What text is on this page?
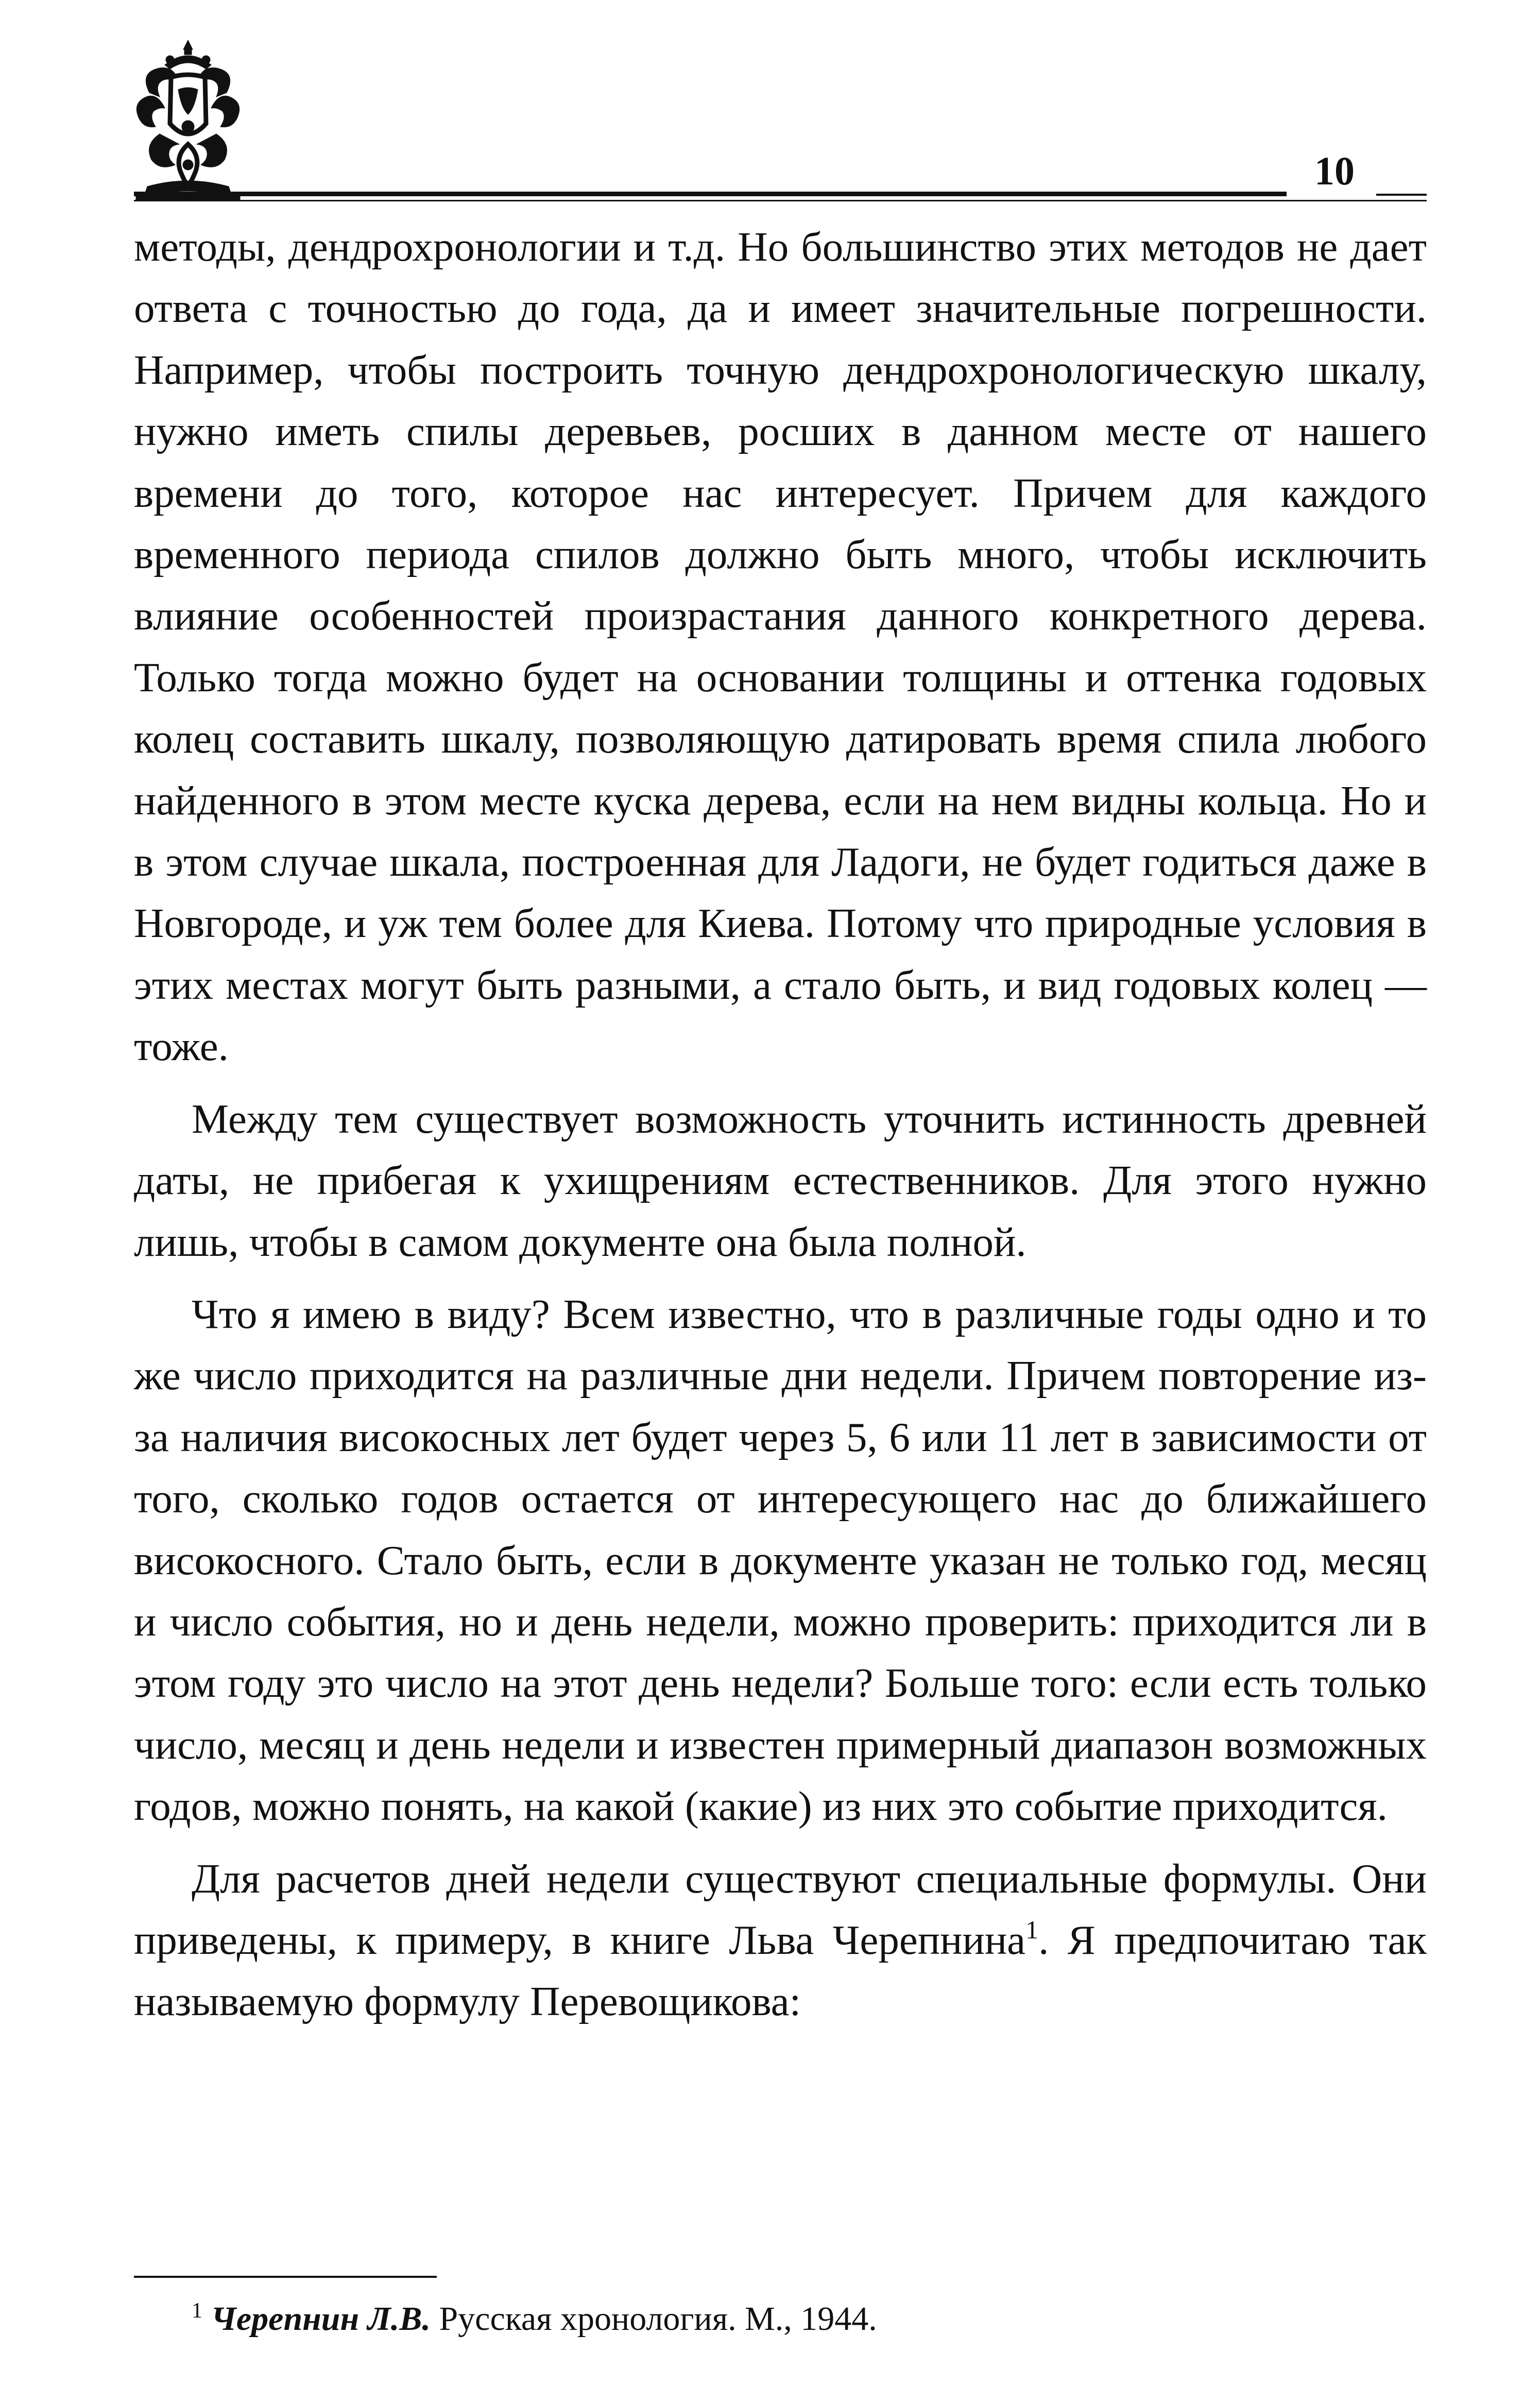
10

методы, дендрохронологии и т.д. Но большинство этих методов не дает ответа с точностью до года, да и имеет значительные погрешности. Например, чтобы построить точную дендрохронологическую шкалу, нужно иметь спилы деревьев, росших в данном месте от нашего времени до того, которое нас интересует. Причем для каждого временного периода спилов должно быть много, чтобы исключить влияние особенностей произрастания данного конкретного дерева. Только тогда можно будет на основании толщины и оттенка годовых колец составить шкалу, позволяющую датировать время спила любого найденного в этом месте куска дерева, если на нем видны кольца. Но и в этом случае шкала, построенная для Ладоги, не будет годиться даже в Новгороде, и уж тем более для Киева. Потому что природные условия в этих местах могут быть разными, а стало быть, и вид годовых колец — тоже.

Между тем существует возможность уточнить истинность древней даты, не прибегая к ухищрениям естественников. Для этого нужно лишь, чтобы в самом документе она была полной.

Что я имею в виду? Всем известно, что в различные годы одно и то же число приходится на различные дни недели. Причем повторение из-за наличия високосных лет будет через 5, 6 или 11 лет в зависимости от того, сколько годов остается от интересующего нас до ближайшего високосного. Стало быть, если в документе указан не только год, месяц и число события, но и день недели, можно проверить: приходится ли в этом году это число на этот день недели? Больше того: если есть только число, месяц и день недели и известен примерный диапазон возможных годов, можно понять, на какой (какие) из них это событие приходится.

Для расчетов дней недели существуют специальные формулы. Они приведены, к примеру, в книге Льва Черепнина$^1$. Я предпочитаю так называемую формулу Перевощикова:

$^1$ Черепнин Л.В. Русская хронология. М., 1944.
